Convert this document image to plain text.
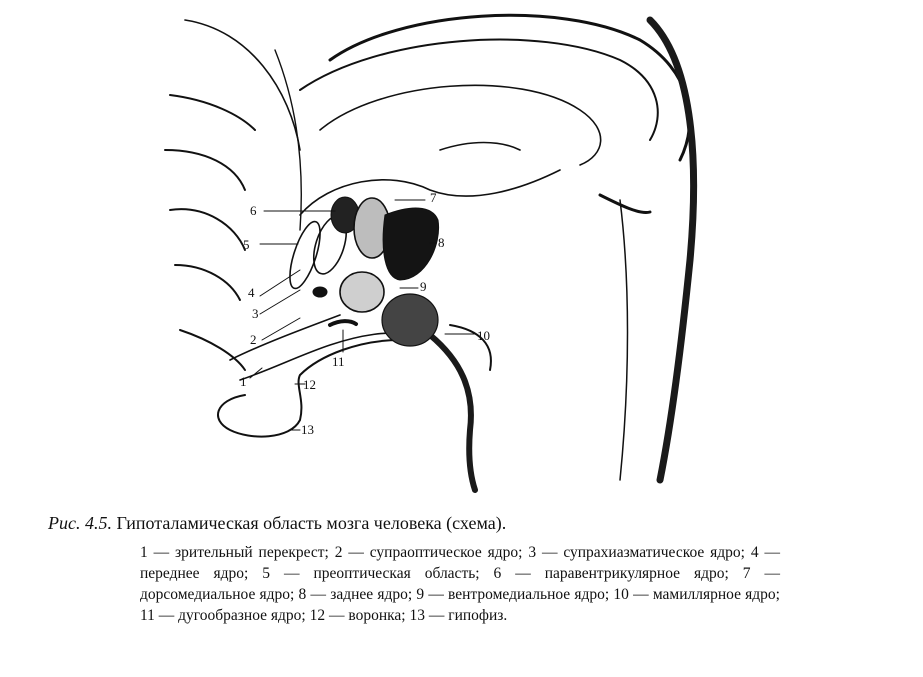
6
5
4
3
2
1
7
8
9
10
11
12
13
Рис. 4.5. Гипоталамическая область мозга человека (схема).
1 — зрительный перекрест; 2 — супраоптическое ядро; 3 — супрахиазматическое ядро; 4 — переднее ядро; 5 — преоптическая область; 6 — паравентрикулярное ядро; 7 — дорсомедиальное ядро; 8 — заднее ядро; 9 — вентромедиальное ядро; 10 — мамиллярное ядро; 11 — дугообразное ядро; 12 — воронка; 13 — гипофиз.
